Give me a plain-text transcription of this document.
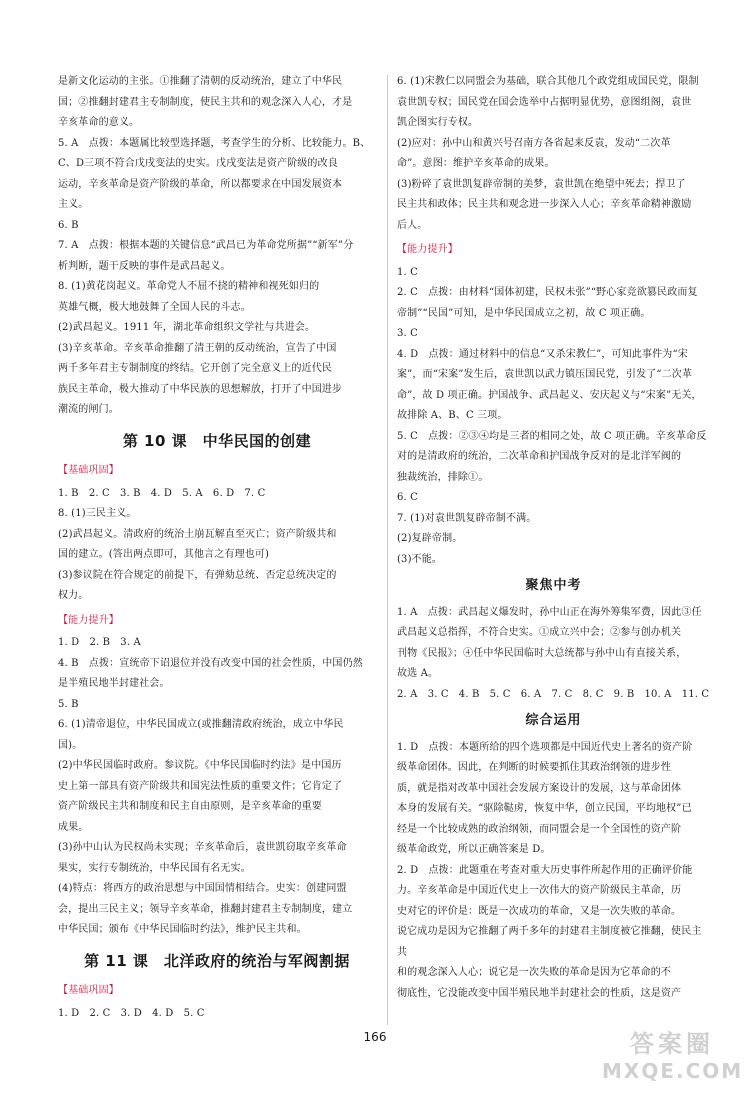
是新文化运动的主张。①推翻了清朝的反动统治，建立了中华民
国；②推翻封建君主专制制度，使民主共和的观念深入人心，才是
辛亥革命的意义。

5. A　点拨：本题属比较型选择题，考查学生的分析、比较能力。B、
C、D三项不符合戊戌变法的史实。戊戌变法是资产阶级的改良
运动，辛亥革命是资产阶级的革命，所以都要求在中国发展资本
主义。

6. B

7. A　点拨：根据本题的关键信息“武昌已为革命党所据”“新军”分
析判断，题干反映的事件是武昌起义。

8. (1)黄花岗起义。革命党人不屈不挠的精神和视死如归的
英雄气概，极大地鼓舞了全国人民的斗志。
(2)武昌起义。1911 年，湖北革命组织文学社与共进会。
(3)辛亥革命。辛亥革命推翻了清王朝的反动统治，宣告了中国
两千多年君主专制制度的终结。它开创了完全意义上的近代民
族民主革命，极大推动了中华民族的思想解放，打开了中国进步
潮流的闸门。

第 10 课　中华民国的创建
【基础巩固】

1. B　2. C　3. B　4. D　5. A　6. D　7. C

8. (1)三民主义。
(2)武昌起义。清政府的统治土崩瓦解直至灭亡；资产阶级共和
国的建立。(答出两点即可，其他言之有理也可)
(3)参议院在符合规定的前提下，有弹劾总统、否定总统决定的
权力。

【能力提升】

1. D　2. B　3. A

4. B　点拨：宣统帝下诏退位并没有改变中国的社会性质，中国仍然
是半殖民地半封建社会。

5. B

6. (1)清帝退位，中华民国成立(或推翻清政府统治，成立中华民
国)。
(2)中华民国临时政府。参议院。《中华民国临时约法》是中国历
史上第一部具有资产阶级共和国宪法性质的重要文件；它肯定了
资产阶级民主共和制度和民主自由原则，是辛亥革命的重要
成果。
(3)孙中山认为民权尚未实现；辛亥革命后，袁世凯窃取辛亥革命
果实，实行专制统治，中华民国有名无实。
(4)特点：将西方的政治思想与中国国情相结合。史实：创建同盟
会，提出三民主义；领导辛亥革命，推翻封建君主专制制度，建立
中华民国；颁布《中华民国临时约法》，维护民主共和。

第 11 课　北洋政府的统治与军阀割据
【基础巩固】

1. D　2. C　3. D　4. D　5. C

6. (1)宋教仁以同盟会为基础，联合其他几个政党组成国民党，限制
袁世凯专权；国民党在国会选举中占据明显优势，意图组阁，袁世
凯企图实行专权。
(2)应对：孙中山和黄兴号召南方各省起来反袁，发动“二次革
命”。意图：维护辛亥革命的成果。
(3)粉碎了袁世凯复辟帝制的美梦，袁世凯在绝望中死去；捍卫了
民主共和政体；民主共和观念进一步深入人心；辛亥革命精神激励
后人。

【能力提升】

1. C

2. C　点拨：由材料“国体初建，民权未张”“野心家竞欲篡民政而复
帝制”“民国”可知，是中华民国成立之初，故 C 项正确。

3. C

4. D　点拨：通过材料中的信息“又杀宋教仁”，可知此事件为“宋
案”，而“宋案”发生后，袁世凯以武力镇压国民党，引发了“二次革
命”，故 D 项正确。护国战争、武昌起义、安庆起义与“宋案”无关，
故排除 A、B、C 三项。

5. C　点拨：②③④均是三者的相同之处，故 C 项正确。辛亥革命反
对的是清政府的统治，二次革命和护国战争反对的是北洋军阀的
独裁统治，排除①。

6. C

7. (1)对袁世凯复辟帝制不满。
(2)复辟帝制。
(3)不能。

聚焦中考

1. A　点拨：武昌起义爆发时，孙中山正在海外筹集军费，因此③任
武昌起义总指挥，不符合史实。①成立兴中会；②参与创办机关
刊物《民报》；④任中华民国临时大总统都与孙中山有直接关系，
故选 A。

2. A　3. C　4. B　5. C　6. A　7. C　8. C　9. B　10. A　11. C

综合运用

1. D　点拨：本题所给的四个选项都是中国近代史上著名的资产阶
级革命团体。因此，在判断的时候要抓住其政治纲领的进步性
质，就是指对改革中国社会发展方案设计的发展，这与革命团体
本身的发展有关。“驱除鞑虏，恢复中华，创立民国，平均地权”已
经是一个比较成熟的政治纲领，而同盟会是一个全国性的资产阶
级革命政党，所以正确答案是 D。

2. D　点拨：此题重在考查对重大历史事件所起作用的正确评价能
力。辛亥革命是中国近代史上一次伟大的资产阶级民主革命，历
史对它的评价是：既是一次成功的革命，又是一次失败的革命。
说它成功是因为它推翻了两千多年的封建君主制度被它推翻，使民主共
和的观念深入人心；说它是一次失败的革命是因为它革命的不
彻底性，它没能改变中国半殖民地半封建社会的性质，这是资产

166	答案圈
MXQE.COM
